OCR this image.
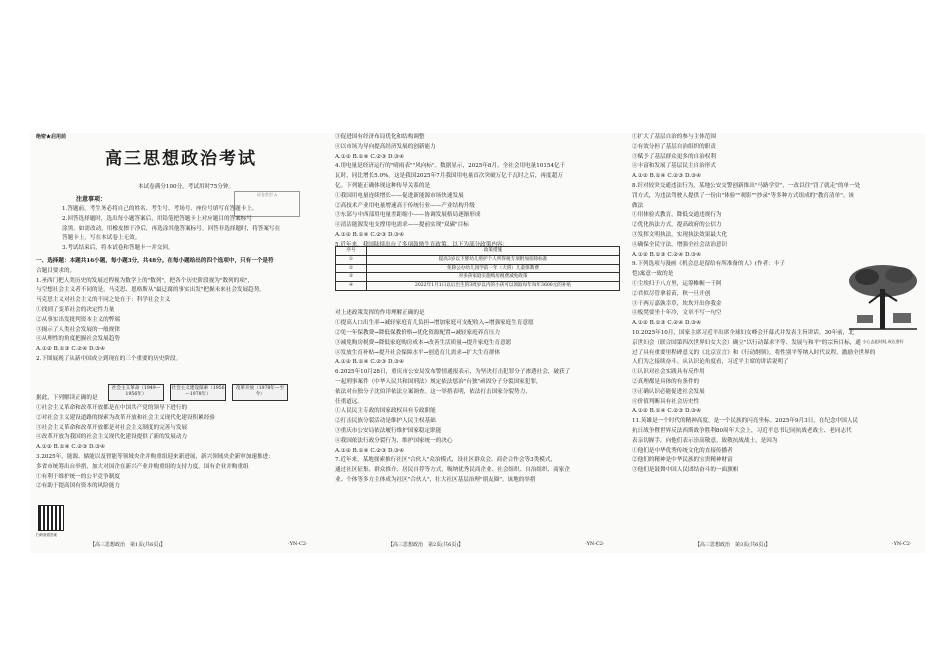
绝密★启用前
高三思想政治考试
本试卷满分100分，考试用时75分钟。
试卷类型 A
注意事项：

1.答题前，考生务必将自己的姓名、考生号、考场号、座位号填写在答题卡上。

2.回答选择题时，选出每小题答案后，用铅笔把答题卡上对应题目的答案标号

涂黑。如需改动，用橡皮擦干净后，再选涂其他答案标号。回答非选择题时，将答案写在

答题卡上。写在本试卷上无效。

3.考试结束后，将本试卷和答题卡一并交回。

一、选择题：本题共16小题，每小题3分，共48分。在每小题给出的四个选项中，只有一个是符

合题目要求的。

1.圣西门把人类历史的发展过程视为数学上的"数列"，把各个历史阶段视为"数列的项"，

与空想社会主义者不同的是，马克思、恩格斯从"最迂腐的事实出发"把握未来社会发展趋势。

马克思主义对社会主义的不同之处在于：科学社会主义

①找到了变革社会的决定性力量

②从事实出发批判资本主义的弊端

③揭示了人类社会发展的一般规律

④从理性的角度把握社会发展趋势

A.①② B.①③ C.②④ D.③④

2.下图展现了从新中国成立到现在的三个重要的历史阶段。

据此，下列解读正确的是

①社会主义革命和改革开放都是在中国共产党的领导下进行的

②对社会主义建设道路的探索为改革开放和社会主义现代化建设积累经验

③社会主义革命和改革开放都是对社会主义制度的完善与发展

④改革开放为我国的社会主义现代化建设提供了新的发展动力

A.①② B.①④ C.②③ D.③④

3.2025年，能源、储能以及智能等领域央企并购重组迎来新进展，新兴领域央企新审加速推进：

多省市统筹出台举措，加大对国企在新兴产业并购重组的支持力度。国有企业并购重组

①有利于维护统一的公平竞争制度

②有助于提高国有资本的风险能力

社会主义革命（1949—1956年）
社会主义建设探索（1956—1978年）
改革开放（1978年—至今）
扫码查看答案

③促进国有经济布局优化和结构调整

④以市场为导向提高经济发展的创新能力

A.①② B.①④ C.②③ D.③④

4.用电量是经济运行的"晴雨表""风向标"。数据显示，2025年8月，全社会用电量10154亿千

瓦时，同比增长5.0%。这是我国2025年7月我国用电量首次突破万亿千瓦时之后，再度超万

亿。下列能正确体现这种传导关系的是

①我国用电量连续增长——促进新能源市场快速发展

②高技术产业用电量增速高于传统行业——产业结构升级

③东部与中西部用电量差距缩小——协调发展格局逐渐形成

④清洁能源发电支撑用电需求——提前实现"双碳"目标

A.①② B.①④ C.②③ D.③④

5.近年来，我国陆续出台了多项鼓励生育政策。以下为部分政策内容：

对上述政策发挥的作用理解正确的是

①提高人口出生率→减轻家庭育儿负担→增加家庭可支配收入→增强家庭生育意愿

②免一年保教费→降低保教价格→优化资源配置→减轻家庭养育压力

③减免购房税费→降低家庭购房成本→改善生活质量→提升家庭生育意愿

④发放生育补贴→提升社会保障水平→创造育儿需求→扩大生育群体

A.①② B.①④ C.②③ D.③④

6.2025年10月28日，重庆市公安局发布警情通报表示，为坚决打击犯罪分子渗透社会，破获了

一起刑事案件（中华人民共和国刑法）规定依法惩治"台独"顽固分子分裂国家犯罪，

依法对台独分子沈伯洋依法立案调查。这一举措表明，依法打击国家分裂势力，

任重道远。

①人民民主专政的国家政权具有专政职能

②打击民族分裂活动是维护人民主权基础

③重庆市公安局依法履行维护国家稳定职能

④我国依法行政分裂行为，维护国家统一的决心

A.①② B.①④ C.②③ D.③④

7.近年来，某地探索推行社区"合伙人"众治模式，设社区群众会、商企合作会等3类模式，

通过社区征集、群众推介、居民自荐等方式，吸纳优秀民商企业、社会组织、自治组织、商家企

业、个体等多方主体成为社区"合伙人"，壮大社区基层治理"朋友圈"。该地的举措

序号	政策措施
①	提高3岁以下婴幼儿照护个人所得税专项附加扣除标准
②	免除公办幼儿园学前一年（大班）儿童保教费
③	对多孩家庭实施购房税费减免政策
④	2022年1月1日以后出生的3周岁以内的小孩可以领取每年每年3600元的补贴

①扩大了基层自治的参与主体范围

②有效分担了基层自治组织的职责

③赋予了基层群众更多的自治权利

④丰富和发展了基层民主自治形式

A.①② B.①④ C.②③ D.③④

8.针对较突交通违法行为，某地公安交警创新推出"马路学堂"，一改以往"罚了就走"的单一处

罚方式，为违法驾驶人提供了一份由"体验""观影""抄录"等多种方式组成的"教育清单"。该

做法

①用体验式教育，降低交通违规行为

②优化执法方式，提高政府的公信力

③发挥文明执法，实现执法效果最大化

④确保全民守法，增强全社会法治意识

A.①② B.①③ C.②④ D.③④

9.下列选项与漫画《机会总是留给有所准备的人》(作者：丰子

恺)寓意一致的是

①尘埃归于八方里，运筹帷幄一千阿

②君似尽管拿着苗，秋一旦开创

③千两万嘉孰幸草，坎坎开出你我金

④板凳要坐十年冷，文章不写一句空

A.①② B.①③ C.②④ D.③④

10.2025年10月，国家主席习近平出席全球妇女峰会开幕式并发表主旨讲话。30年前，北

京世妇会（联合国第四次世界妇女大会）确立"以行动谋求平等、发展与和平"的宗旨目标，通

过了具有重要里程碑意义的《北京宣言》和《行动纲领》，将性别平等纳入时代议程，激励全世界的

人们为之接续奋斗。从认识论角度看，习近平主席的讲话说明了

①认识对社会实践具有反作用

②真理都是具体的有条件的

③正确认识必能促进社会发展

④价值判断具有社会历史性

A.①② B.①④ C.②③ D.③④

11.英雄是一个时代的精神高度，是一个民族的闪亮坐标。2025年9月3日，在纪念中国人民

抗日战争暨世界反法西斯战争胜利80周年大会上，习近平总书记同抗战老战士、老同志代

表亲切握手，向他们表示崇高敬意。致敬抗战战士，是因为

①他们是中华优秀传统文化的直接传播者

②他们的精神是中华民族的宝贵精神财富

③他们是鼓舞中国人民团结奋斗的一面旗帜

小心去此时间,成长要好
【高三思想政治　第1页(共6页)】	·YN-C2·	【高三思想政治　第2页(共6页)】	·YN-C2·	【高三思想政治　第3页(共6页)】	·YN-C2·
